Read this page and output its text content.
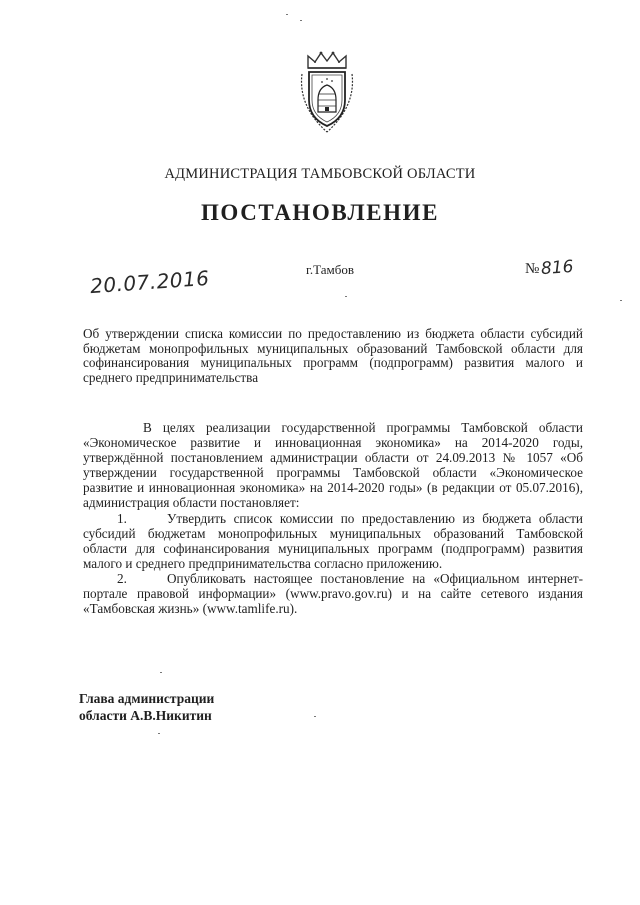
АДМИНИСТРАЦИЯ ТАМБОВСКОЙ ОБЛАСТИ
ПОСТАНОВЛЕНИЕ
20.07.2016	г.Тамбов	№ 816
Об утверждении списка комиссии по предоставлению из бюджета области субсидий бюджетам монопрофильных муниципальных образований Тамбовской области для софинансирования муниципальных программ (подпрограмм) развития малого и среднего предпринимательства

В целях реализации государственной программы Тамбовской области «Экономическое развитие и инновационная экономика» на 2014-2020 годы, утверждённой постановлением администрации области от 24.09.2013 № 1057 «Об утверждении государственной программы Тамбовской области «Экономическое развитие и инновационная экономика» на 2014-2020 годы» (в редакции от 05.07.2016), администрация области постановляет:

1.	Утвердить список комиссии по предоставлению из бюджета области субсидий бюджетам монопрофильных муниципальных образований Тамбовской области для софинансирования муниципальных программ (подпрограмм) развития малого и среднего предпринимательства согласно приложению.

2.	Опубликовать настоящее постановление на «Официальном интернет-портале правовой информации» (www.pravo.gov.ru) и на сайте сетевого издания «Тамбовская жизнь» (www.tamlife.ru).

Глава администрации
области А.В.Никитин
